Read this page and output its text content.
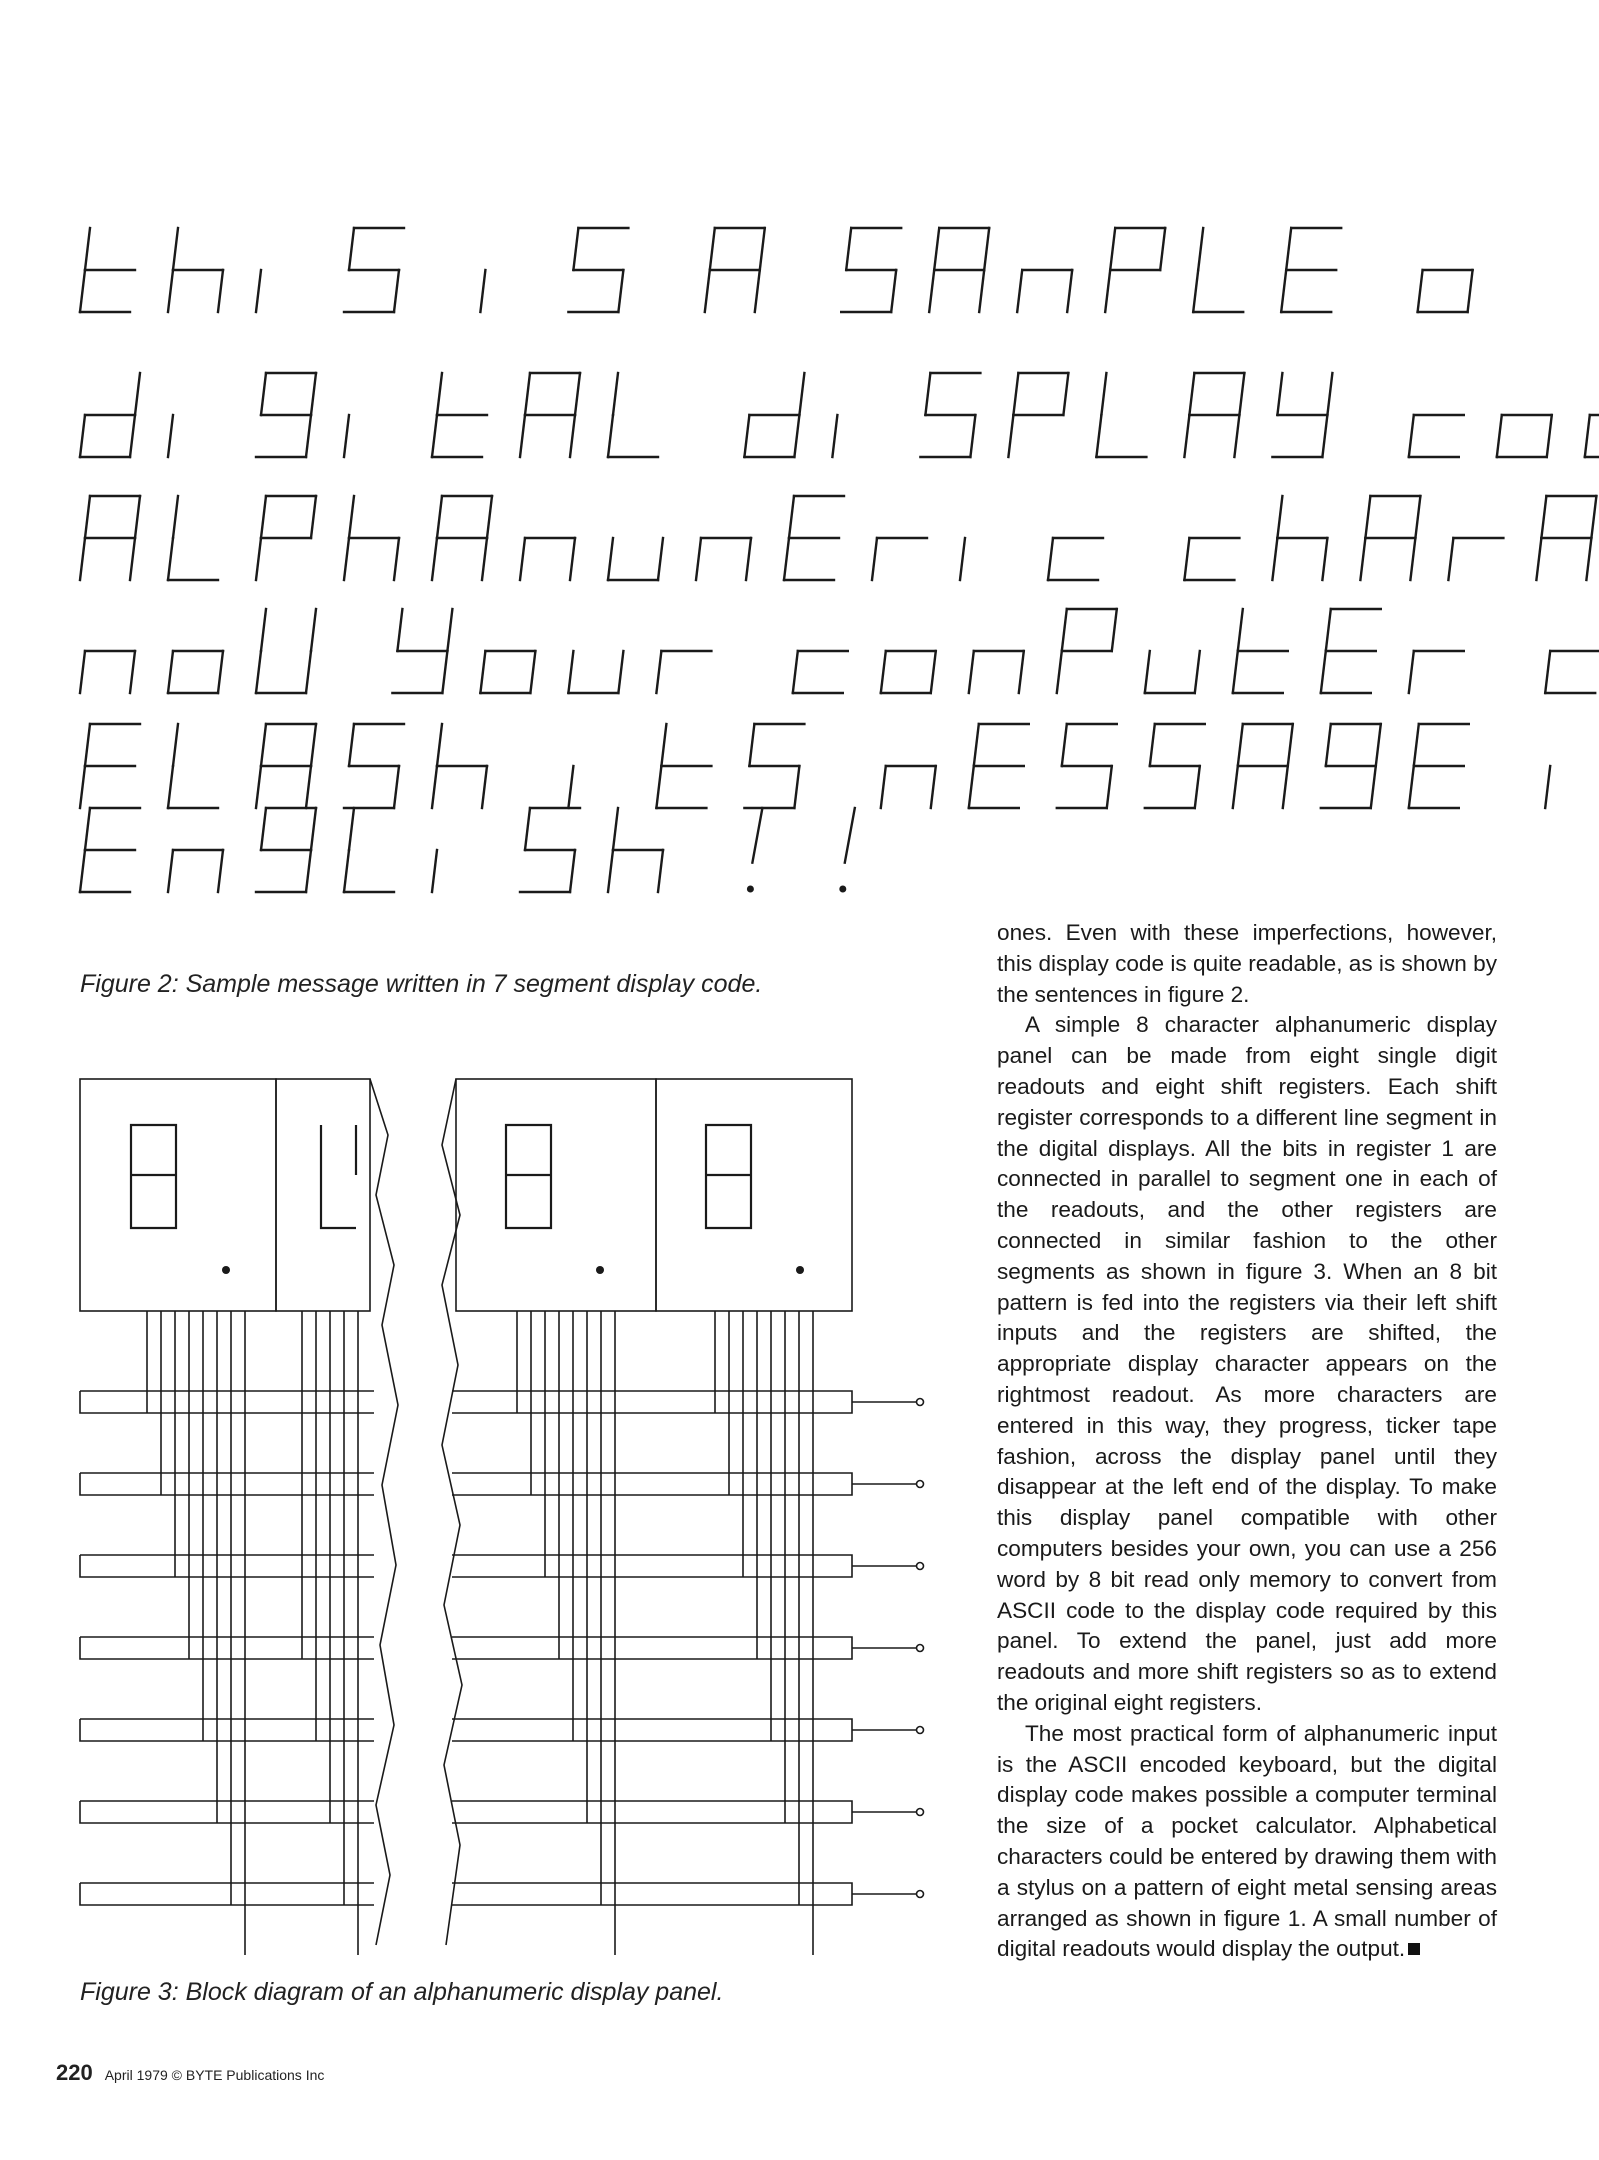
Figure 2: Sample message written in 7 segment display code.
Figure 3: Block diagram of an alphanumeric display panel.

ones. Even with these imperfections, however, this display code is quite readable, as is shown by the sentences in figure 2.

A simple 8 character alphanumeric display panel can be made from eight single digit readouts and eight shift registers. Each shift register corresponds to a different line segment in the digital displays. All the bits in register 1 are connected in parallel to segment one in each of the readouts, and the other registers are connected in similar fashion to the other segments as shown in figure 3. When an 8 bit pattern is fed into the registers via their left shift inputs and the registers are shifted, the appropriate display character appears on the rightmost readout. As more characters are entered in this way, they progress, ticker tape fashion, across the display panel until they disappear at the left end of the display. To make this display panel compatible with other computers besides your own, you can use a 256 word by 8 bit read only memory to convert from ASCII code to the display code required by this panel. To extend the panel, just add more readouts and more shift registers so as to extend the original eight registers.

The most practical form of alphanumeric input is the ASCII encoded keyboard, but the digital display code makes possible a computer terminal the size of a pocket calculator. Alphabetical characters could be entered by drawing them with a stylus on a pattern of eight metal sensing areas arranged as shown in figure 1. A small number of digital readouts would display the output.

220 April 1979 © BYTE Publications Inc
